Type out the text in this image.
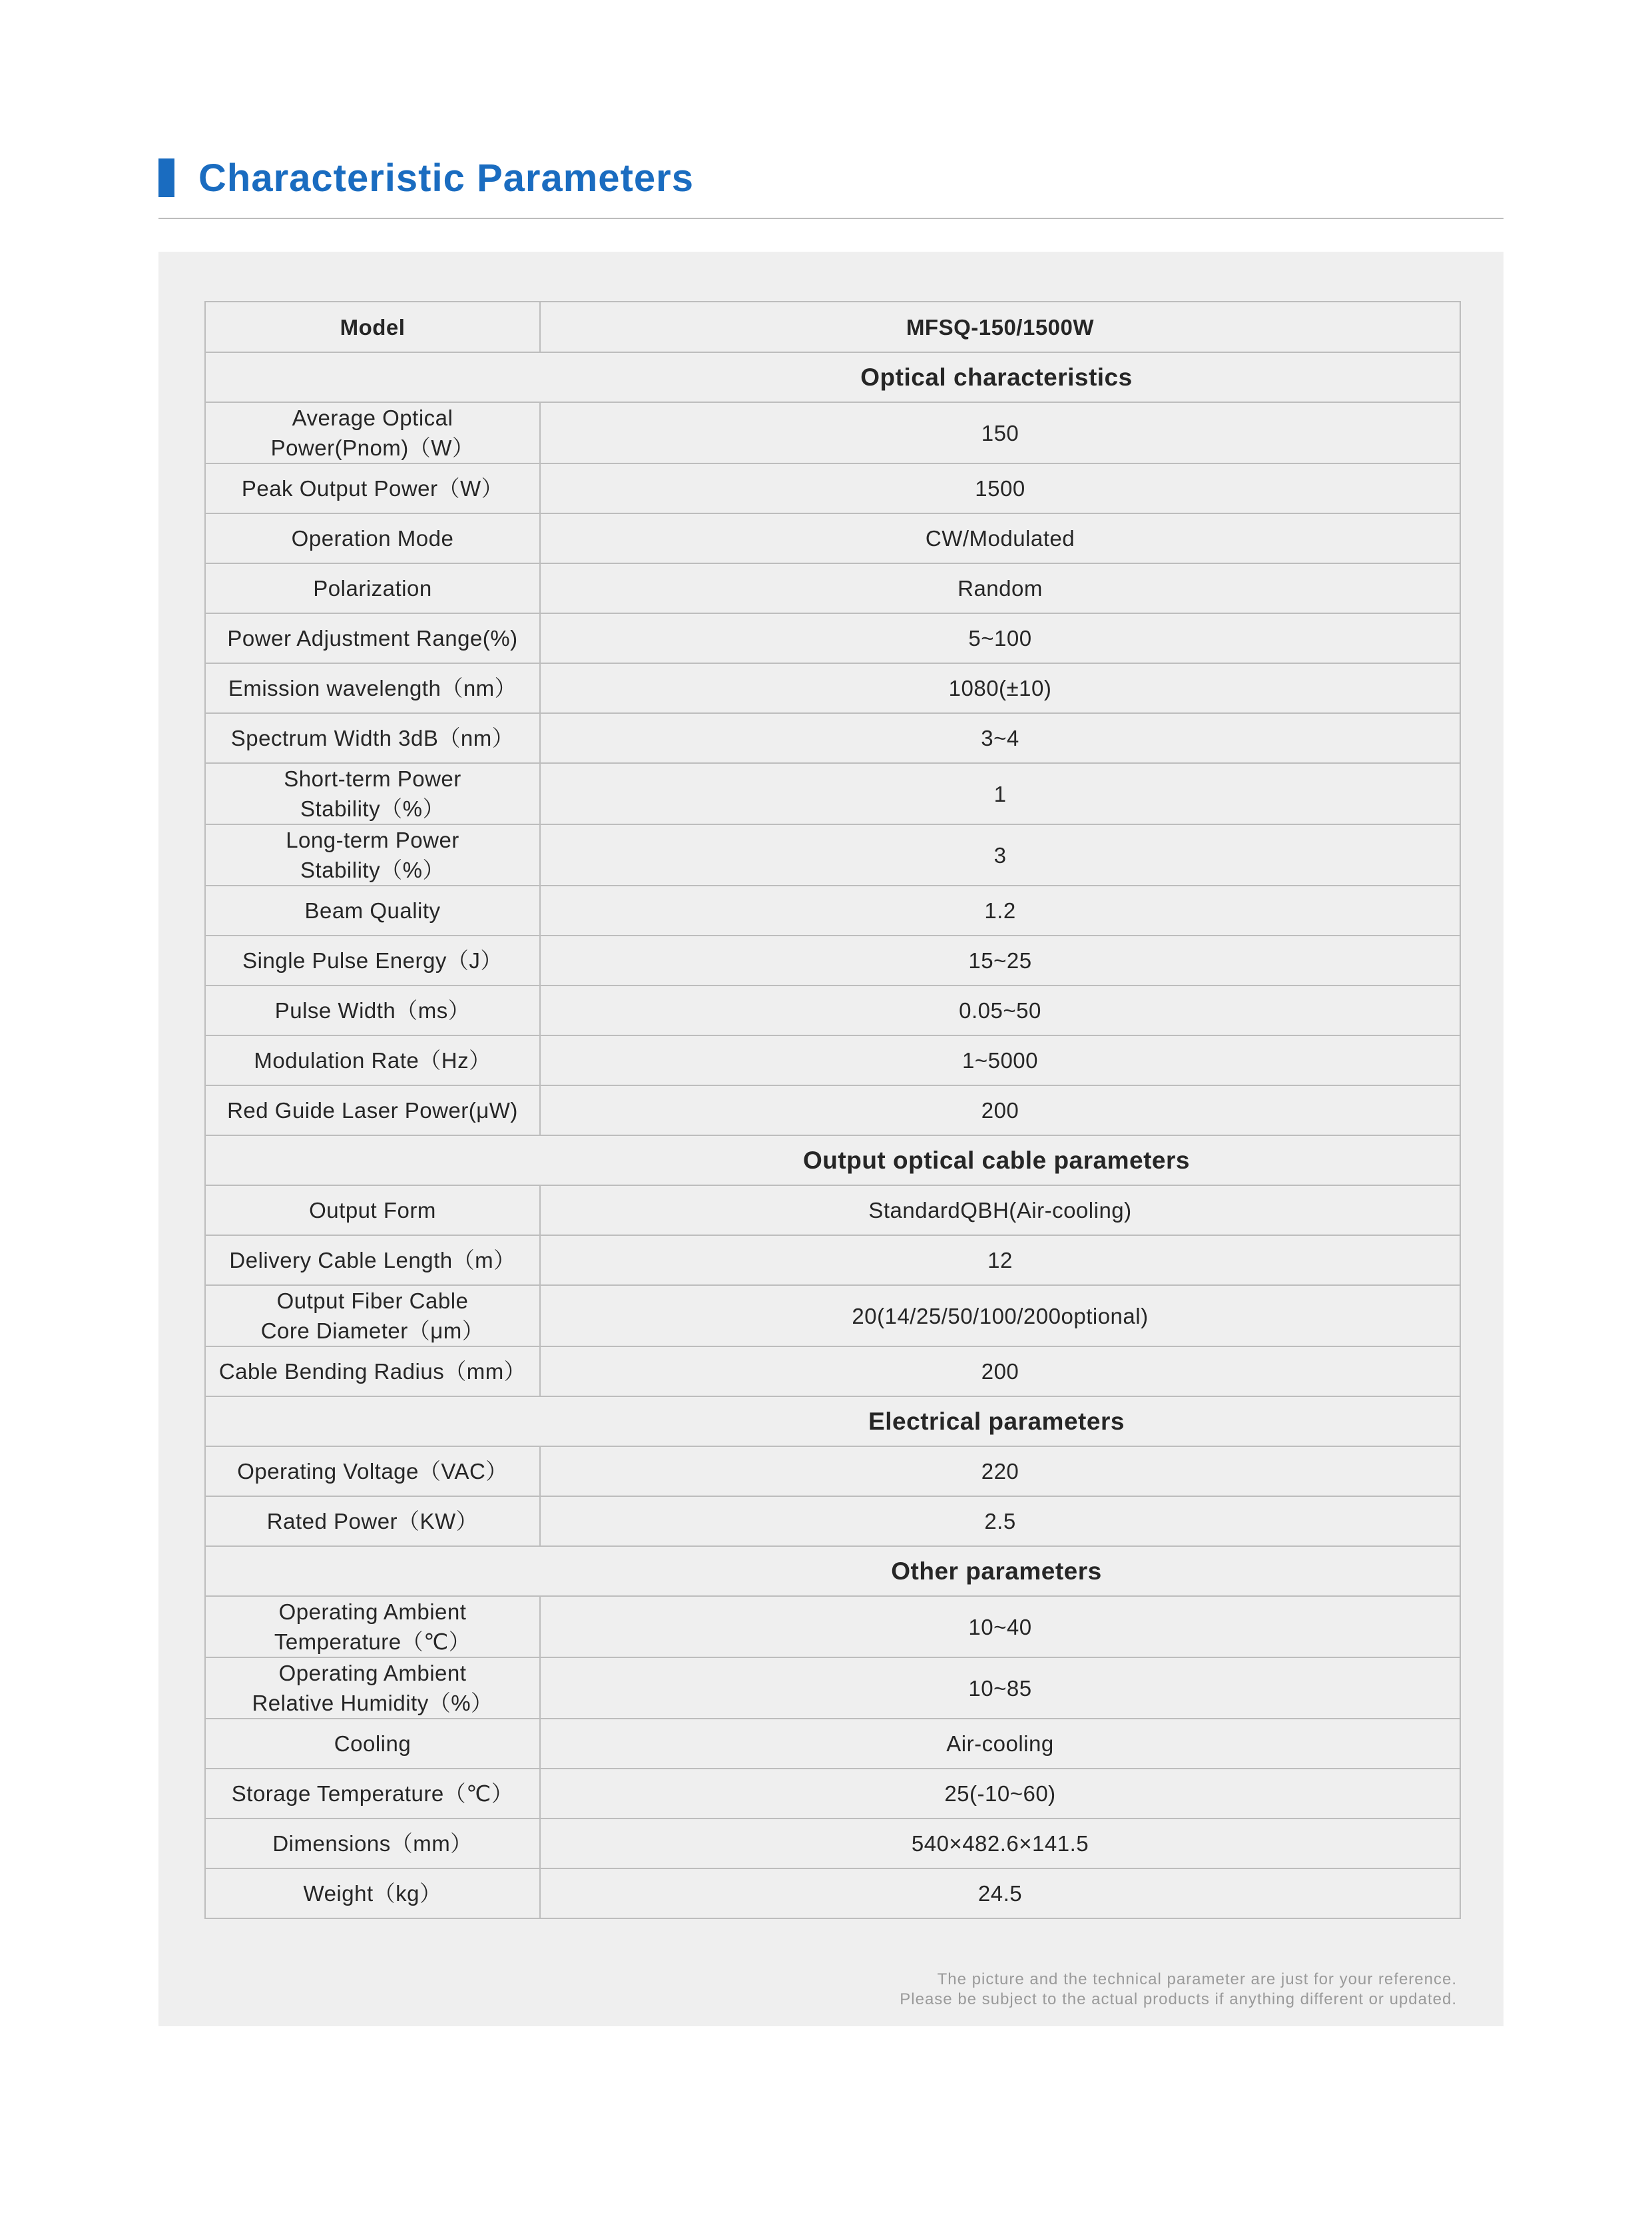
Characteristic Parameters
Model	MFSQ-150/1500W
Optical characteristics	
Average Optical
Power(Pnom)（W）	150
Peak Output Power（W）	1500
Operation Mode	CW/Modulated
Polarization	Random
Power Adjustment Range(%)	5~100
Emission wavelength（nm）	1080(±10)
Spectrum Width 3dB（nm）	3~4
Short-term Power
Stability（%）	1
Long-term Power
Stability（%）	3
Beam Quality	1.2
Single Pulse Energy（J）	15~25
Pulse Width（ms）	0.05~50
Modulation Rate（Hz）	1~5000
Red Guide Laser Power(μW)	200
Output optical cable parameters	
Output Form	StandardQBH(Air-cooling)
Delivery Cable Length（m）	12
Output Fiber Cable
Core Diameter（μm）	20(14/25/50/100/200optional)
Cable Bending Radius（mm）	200
Electrical parameters	
Operating Voltage（VAC）	220
Rated Power（KW）	2.5
Other parameters	
Operating Ambient
Temperature（℃）	10~40
Operating Ambient
Relative Humidity（%）	10~85
Cooling	Air-cooling
Storage Temperature（℃）	25(-10~60)
Dimensions（mm）	540×482.6×141.5
Weight（kg）	24.5
The picture and the technical parameter are just for your reference.
Please be subject to the actual products if anything different or updated.
